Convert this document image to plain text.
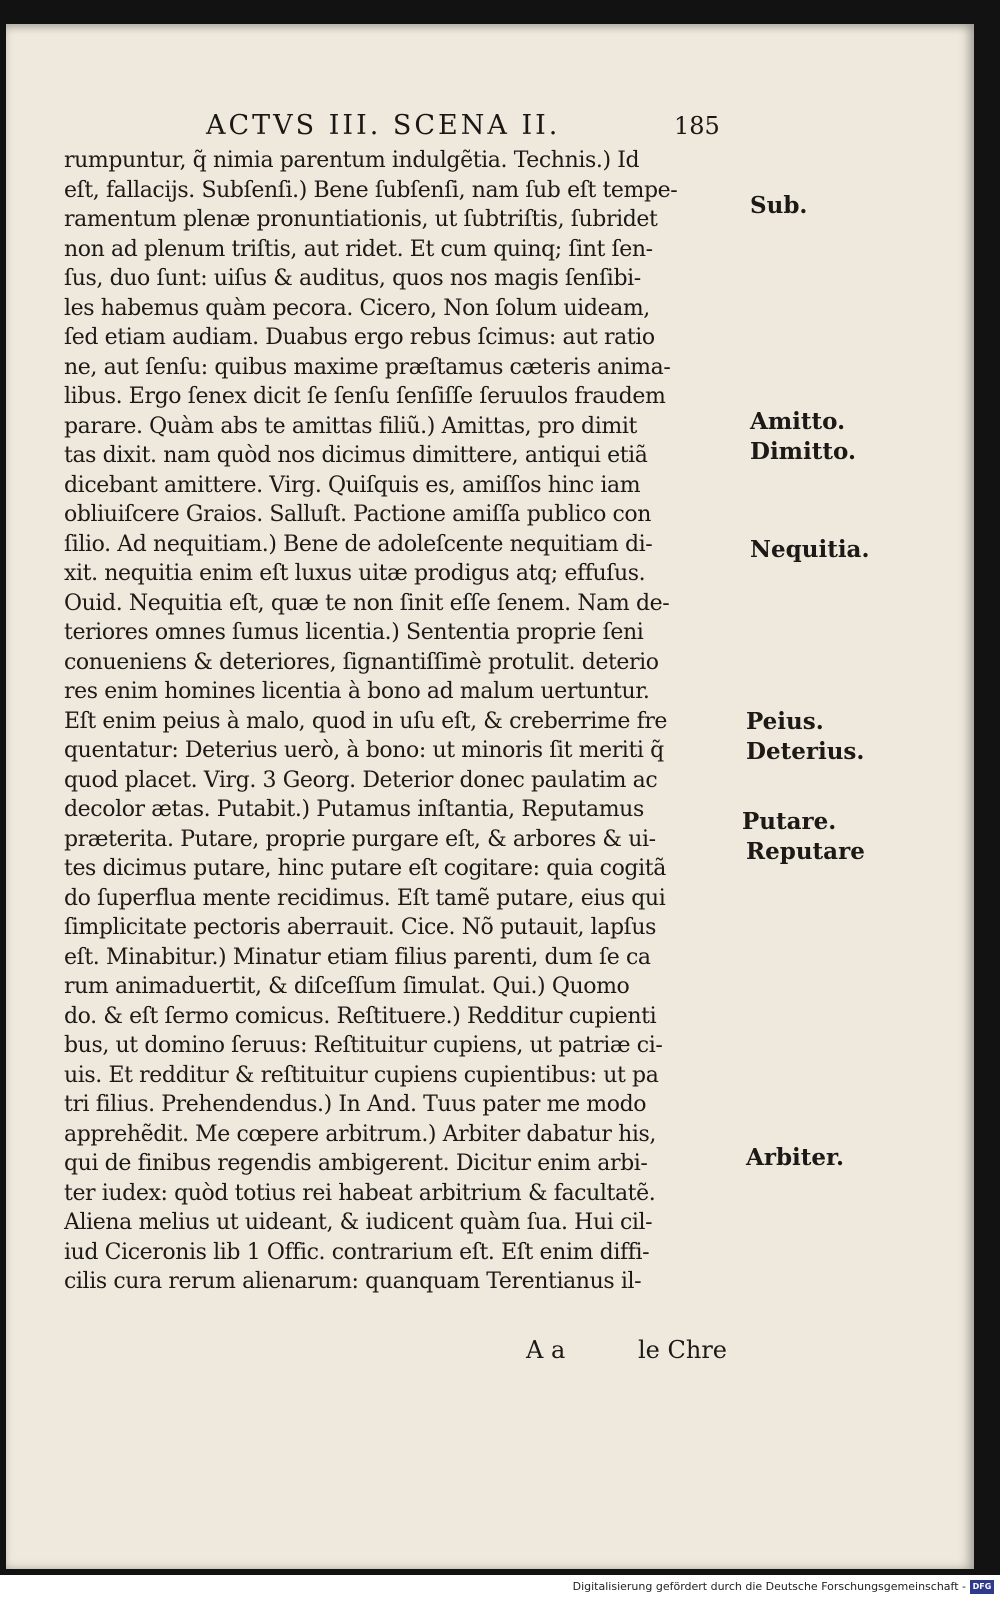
ACTVS III. SCENA II.	185
rumpuntur, q̃ nimia parentum indulgẽtia. Technis.) Id
eſt, fallacijs. Subſenſi.) Bene ſubſenſi, nam ſub eſt tempe-
ramentum plenæ pronuntiationis, ut ſubtriſtis, ſubridet
non ad plenum triſtis, aut ridet. Et cum quinq; ſint ſen-
ſus, duo ſunt: uiſus & auditus, quos nos magis ſenſibi-
les habemus quàm pecora. Cicero, Non ſolum uideam,
ſed etiam audiam. Duabus ergo rebus ſcimus: aut ratio
ne, aut ſenſu: quibus maxime præſtamus cæteris anima-
libus. Ergo ſenex dicit ſe ſenſu ſenſiſſe ſeruulos fraudem
parare. Quàm abs te amittas filiũ.) Amittas, pro dimit
tas dixit. nam quòd nos dicimus dimittere, antiqui etiã
dicebant amittere. Virg. Quiſquis es, amiſſos hinc iam
obliuiſcere Graios. Salluſt. Pactione amiſſa publico con
ſilio. Ad nequitiam.) Bene de adoleſcente nequitiam di-
xit. nequitia enim eſt luxus uitæ prodigus atq; effuſus.
Ouid. Nequitia eſt, quæ te non ſinit eſſe ſenem. Nam de-
teriores omnes ſumus licentia.) Sententia proprie ſeni
conueniens & deteriores, ſignantiſſimè protulit. deterio
res enim homines licentia à bono ad malum uertuntur.
Eſt enim peius à malo, quod in uſu eſt, & creberrime fre
quentatur: Deterius uerò, à bono: ut minoris ſit meriti q̃
quod placet. Virg. 3 Georg. Deterior donec paulatim ac
decolor ætas. Putabit.) Putamus inſtantia, Reputamus
præterita. Putare, proprie purgare eſt, & arbores & ui-
tes dicimus putare, hinc putare eſt cogitare: quia cogitã
do ſuperflua mente recidimus. Eſt tamẽ putare, eius qui
ſimplicitate pectoris aberrauit. Cice. Nõ putauit, lapſus
eſt. Minabitur.) Minatur etiam filius parenti, dum ſe ca
rum animaduertit, & diſceſſum ſimulat. Qui.) Quomo
do. & eſt ſermo comicus. Reſtituere.) Redditur cupienti
bus, ut domino ſeruus: Reſtituitur cupiens, ut patriæ ci-
uis. Et redditur & reſtituitur cupiens cupientibus: ut pa
tri filius. Prehendendus.) In And. Tuus pater me modo
apprehẽdit. Me cœpere arbitrum.) Arbiter dabatur his,
qui de finibus regendis ambigerent. Dicitur enim arbi-
ter iudex: quòd totius rei habeat arbitrium & facultatẽ.
Aliena melius ut uideant, & iudicent quàm ſua. Hui cil-
iud Ciceronis lib 1 Offic. contrarium eſt. Eſt enim diffi-
cilis cura rerum alienarum: quanquam Terentianus il-
A a	le Chre
Sub.
Amitto.
Dimitto.
Nequitia.
Peius.
Deterius.
Putare.
Reputare
Arbiter.
Digitalisierung gefördert durch die Deutsche Forschungsgemeinschaft - DFG
